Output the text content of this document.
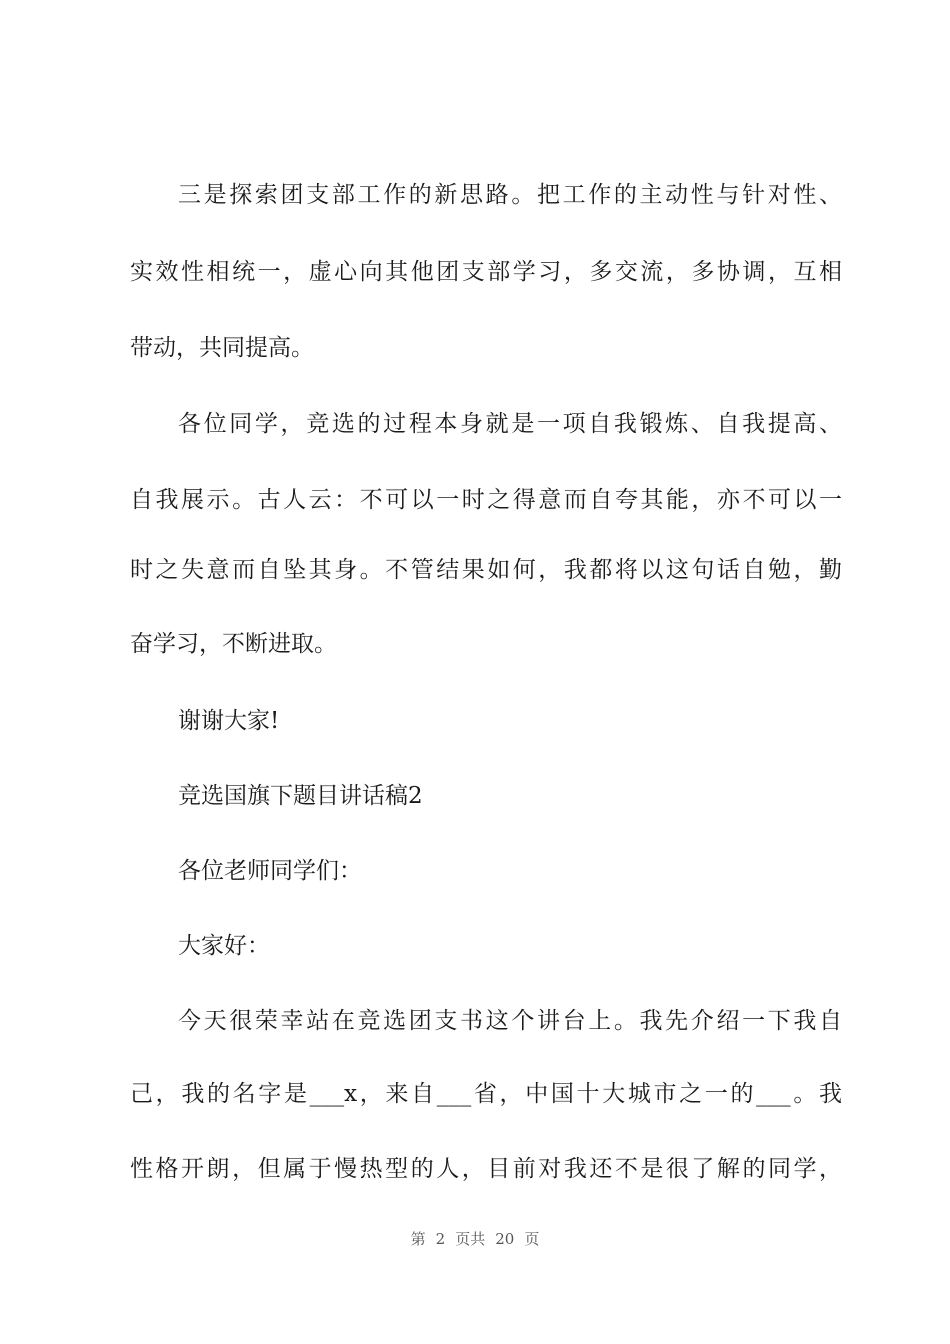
三是探索团支部工作的新思路。把工作的主动性与针对性、
实效性相统一，虚心向其他团支部学习，多交流，多协调，互相
带动，共同提高。
各位同学，竞选的过程本身就是一项自我锻炼、自我提高、
自我展示。古人云：不可以一时之得意而自夸其能，亦不可以一
时之失意而自坠其身。不管结果如何，我都将以这句话自勉，勤
奋学习，不断进取。
谢谢大家!
竞选国旗下题目讲话稿2
各位老师同学们：
大家好：
今天很荣幸站在竞选团支书这个讲台上。我先介绍一下我自
己，我的名字是___x，来自___省，中国十大城市之一的___。我
性格开朗，但属于慢热型的人，目前对我还不是很了解的同学，
第 2 页共 20 页
